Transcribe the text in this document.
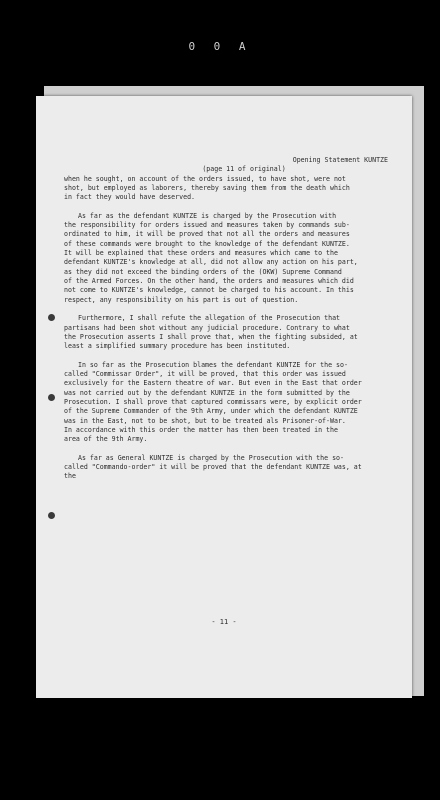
0 0 A
Opening Statement KUNTZE
(page 11 of original)

when he sought, on account of the orders issued, to have shot, were not

shot, but employed as laborers, thereby saving them from the death which

in fact they would have deserved.

As far as the defendant KUNTZE is charged by the Prosecution with

the responsibility for orders issued and measures taken by commands sub-

ordinated to him, it will be proved that not all the orders and measures

of these commands were brought to the knowledge of the defendant KUNTZE.

It will be explained that these orders and measures which came to the

defendant KUNTZE's knowledge at all, did not allow any action on his part,

as they did not exceed the binding orders of the (OKW) Supreme Command

of the Armed Forces. On the other hand, the orders and measures which did

not come to KUNTZE's knowledge, cannot be charged to his account. In this

respect, any responsibility on his part is out of question.

Furthermore, I shall refute the allegation of the Prosecution that

partisans had been shot without any judicial procedure. Contrary to what

the Prosecution asserts I shall prove that, when the fighting subsided, at

least a simplified summary procedure has been instituted.

In so far as the Prosecution blames the defendant KUNTZE for the so-

called "Commissar Order", it will be proved, that this order was issued

exclusively for the Eastern theatre of war. But even in the East that order

was not carried out by the defendant KUNTZE in the form submitted by the

Prosecution. I shall prove that captured commissars were, by explicit order

of the Supreme Commander of the 9th Army, under which the defendant KUNTZE

was in the East, not to be shot, but to be treated als Prisoner-of-War.

In accordance with this order the matter has then been treated in the

area of the 9th Army.

As far as General KUNTZE is charged by the Prosecution with the so-

called "Commando-order" it will be proved that the defendant KUNTZE was, at

the

- 11 -
